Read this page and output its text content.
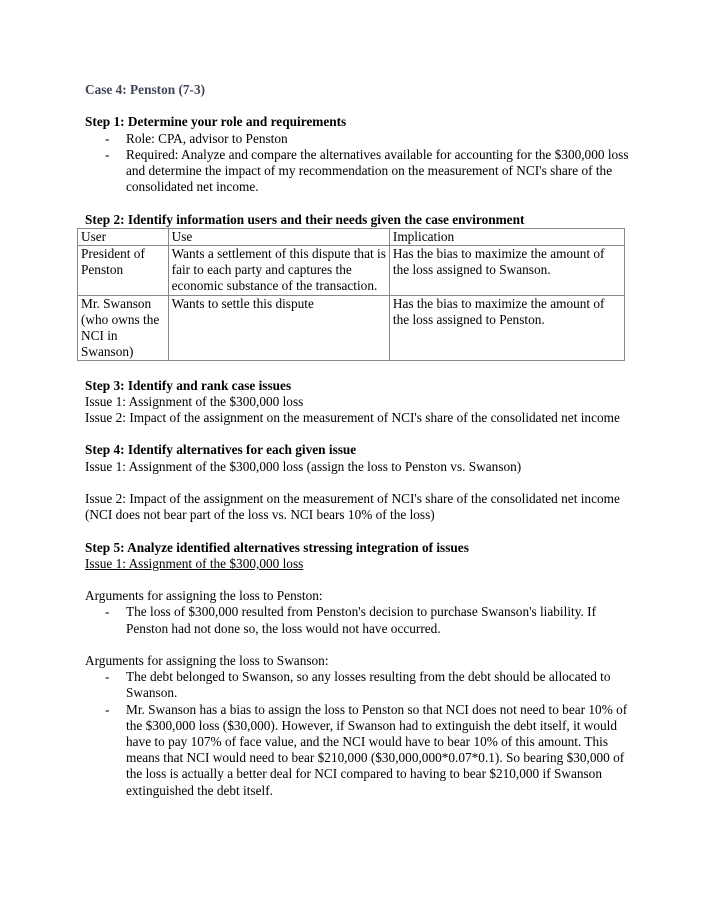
Case 4: Penston (7-3)

Step 1: Determine your role and requirements

- Role: CPA, advisor to Penston
- Required: Analyze and compare the alternatives available for accounting for the $300,000 loss and determine the impact of my recommendation on the measurement of NCI's share of the consolidated net income.

Step 2: Identify information users and their needs given the case environment

User	Use	Implication
President of Penston	Wants a settlement of this dispute that is fair to each party and captures the economic substance of the transaction.	Has the bias to maximize the amount of the loss assigned to Swanson.
Mr. Swanson (who owns the NCI in Swanson)	Wants to settle this dispute	Has the bias to maximize the amount of the loss assigned to Penston.

Step 3: Identify and rank case issues

Issue 1: Assignment of the $300,000 loss

Issue 2: Impact of the assignment on the measurement of NCI's share of the consolidated net income

Step 4: Identify alternatives for each given issue

Issue 1: Assignment of the $300,000 loss (assign the loss to Penston vs. Swanson)

Issue 2: Impact of the assignment on the measurement of NCI's share of the consolidated net income (NCI does not bear part of the loss vs. NCI bears 10% of the loss)

Step 5: Analyze identified alternatives stressing integration of issues

Issue 1: Assignment of the $300,000 loss

Arguments for assigning the loss to Penston:

- The loss of $300,000 resulted from Penston's decision to purchase Swanson's liability. If Penston had not done so, the loss would not have occurred.

Arguments for assigning the loss to Swanson:

- The debt belonged to Swanson, so any losses resulting from the debt should be allocated to Swanson.
- Mr. Swanson has a bias to assign the loss to Penston so that NCI does not need to bear 10% of the $300,000 loss ($30,000). However, if Swanson had to extinguish the debt itself, it would have to pay 107% of face value, and the NCI would have to bear 10% of this amount. This means that NCI would need to bear $210,000 ($30,000,000*0.07*0.1). So bearing $30,000 of the loss is actually a better deal for NCI compared to having to bear $210,000 if Swanson extinguished the debt itself.
